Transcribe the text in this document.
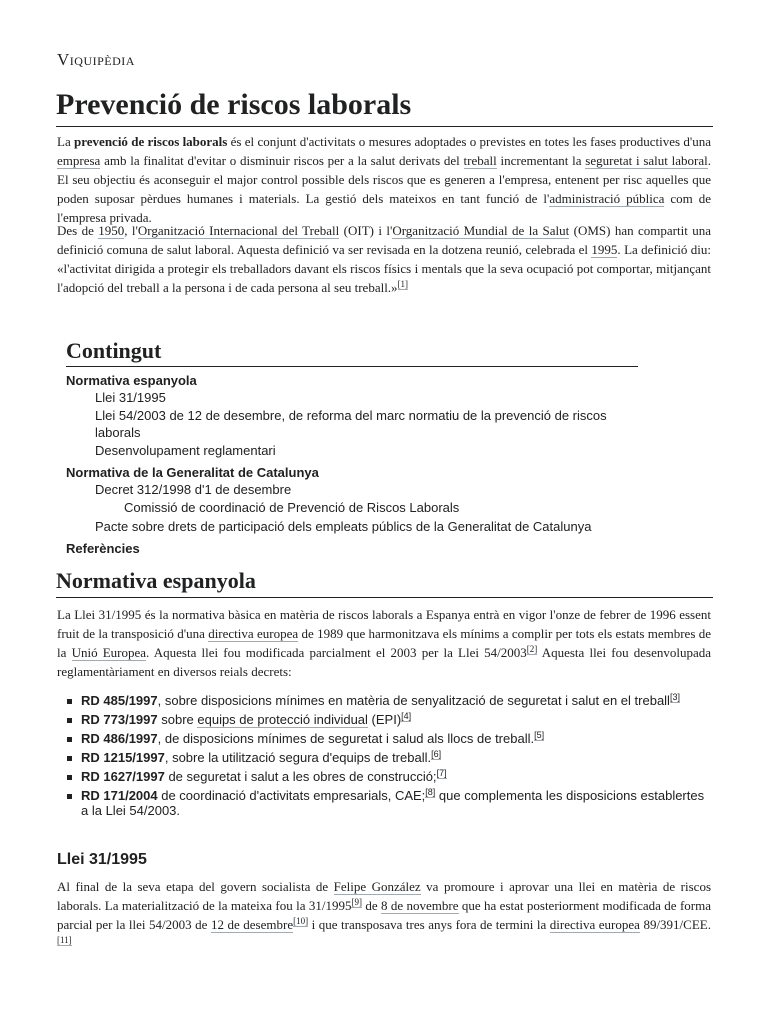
Viquipèdia
Prevenció de riscos laborals

La prevenció de riscos laborals és el conjunt d'activitats o mesures adoptades o previstes en totes les fases productives d'una empresa amb la finalitat d'evitar o disminuir riscos per a la salut derivats del treball incrementant la seguretat i salut laboral. El seu objectiu és aconseguir el major control possible dels riscos que es generen a l'empresa, entenent per risc aquelles que poden suposar pèrdues humanes i materials. La gestió dels mateixos en tant funció de l'administració pública com de l'empresa privada.

Des de 1950, l'Organització Internacional del Treball (OIT) i l'Organització Mundial de la Salut (OMS) han compartit una definició comuna de salut laboral. Aquesta definició va ser revisada en la dotzena reunió, celebrada el 1995. La definició diu: «l'activitat dirigida a protegir els treballadors davant els riscos físics i mentals que la seva ocupació pot comportar, mitjançant l'adopció del treball a la persona i de cada persona al seu treball.»[1]

Contingut
Normativa espanyola
Llei 31/1995
Llei 54/2003 de 12 de desembre, de reforma del marc normatiu de la prevenció de riscos laborals
Desenvolupament reglamentari
Normativa de la Generalitat de Catalunya
Decret 312/1998 d'1 de desembre
Comissió de coordinació de Prevenció de Riscos Laborals
Pacte sobre drets de participació dels empleats públics de la Generalitat de Catalunya
Referències
Normativa espanyola

La Llei 31/1995 és la normativa bàsica en matèria de riscos laborals a Espanya entrà en vigor l'onze de febrer de 1996 essent fruit de la transposició d'una directiva europea de 1989 que harmonitzava els mínims a complir per tots els estats membres de la Unió Europea. Aquesta llei fou modificada parcialment el 2003 per la Llei 54/2003[2] Aquesta llei fou desenvolupada reglamentàriament en diversos reials decrets:

RD 485/1997, sobre disposicions mínimes en matèria de senyalització de seguretat i salut en el treball[3]
RD 773/1997 sobre equips de protecció individual (EPI)[4]
RD 486/1997, de disposicions mínimes de seguretat i salud als llocs de treball.[5]
RD 1215/1997, sobre la utilització segura d'equips de treball.[6]
RD 1627/1997 de seguretat i salut a les obres de construcció;[7]
RD 171/2004 de coordinació d'activitats empresarials, CAE;[8] que complementa les disposicions establertes a la Llei 54/2003.
Llei 31/1995

Al final de la seva etapa del govern socialista de Felipe González va promoure i aprovar una llei en matèria de riscos laborals. La materialització de la mateixa fou la 31/1995[9] de 8 de novembre que ha estat posteriorment modificada de forma parcial per la llei 54/2003 de 12 de desembre[10] i que transposava tres anys fora de termini la directiva europea 89/391/CEE.[11]
